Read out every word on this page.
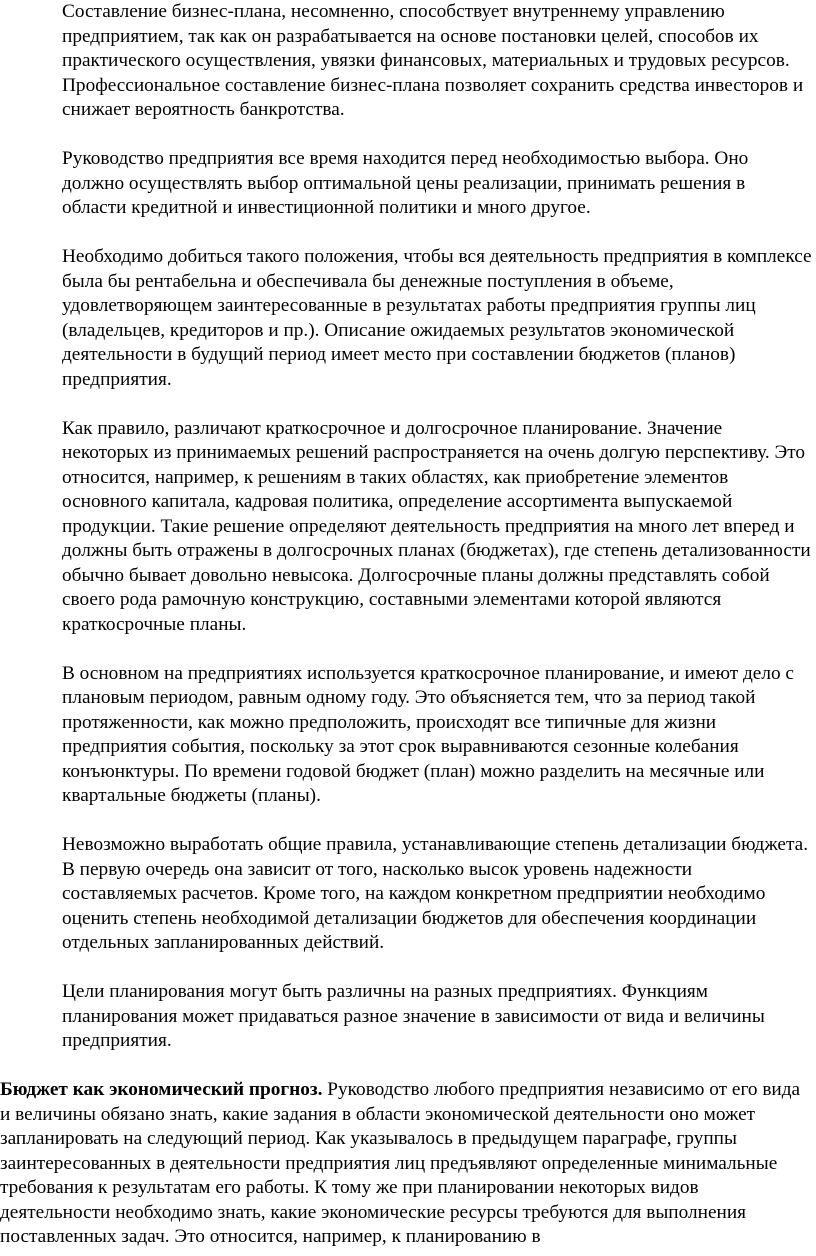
Составление бизнес-плана, несомненно, способствует внутреннему управлению предприятием, так как он разрабатывается на основе постановки целей, способов их практического осуществления, увязки финансовых, материальных и трудовых ресурсов. Профессиональное составление бизнес-плана позволяет сохранить средства инвесторов и снижает вероятность банкротства.

Руководство предприятия все время находится перед необходимостью выбора. Оно должно осуществлять выбор оптимальной цены реализации, принимать решения в области кредитной и инвестиционной политики и много другое.

Необходимо добиться такого положения, чтобы вся деятельность предприятия в комплексе была бы рентабельна и обеспечивала бы денежные поступления в объеме, удовлетворяющем заинтересованные в результатах работы предприятия группы лиц (владельцев, кредиторов и пр.). Описание ожидаемых результатов экономической деятельности в будущий период имеет место при составлении бюджетов (планов) предприятия.

Как правило, различают краткосрочное и долгосрочное планирование. Значение некоторых из принимаемых решений распространяется на очень долгую перспективу. Это относится, например, к решениям в таких областях, как приобретение элементов основного капитала, кадровая политика, определение ассортимента выпускаемой продукции. Такие решение определяют деятельность предприятия на много лет вперед и должны быть отражены в долгосрочных планах (бюджетах), где степень детализованности обычно бывает довольно невысока. Долгосрочные планы должны представлять собой своего рода рамочную конструкцию, составными элементами которой являются краткосрочные планы.

В основном на предприятиях используется краткосрочное планирование, и имеют дело с плановым периодом, равным одному году. Это объясняется тем, что за период такой протяженности, как можно предположить, происходят все типичные для жизни предприятия события, поскольку за этот срок выравниваются сезонные колебания конъюнктуры. По времени годовой бюджет (план) можно разделить на месячные или квартальные бюджеты (планы).

Невозможно выработать общие правила, устанавливающие степень детализации бюджета. В первую очередь она зависит от того, насколько высок уровень надежности составляемых расчетов. Кроме того, на каждом конкретном предприятии необходимо оценить степень необходимой детализации бюджетов для обеспечения координации отдельных запланированных действий.

Цели планирования могут быть различны на разных предприятиях. Функциям планирования может придаваться разное значение в зависимости от вида и величины предприятия.

Бюджет как экономический прогноз. Руководство любого предприятия независимо от его вида и величины обязано знать, какие задания в области экономической деятельности оно может запланировать на следующий период. Как указывалось в предыдущем параграфе, группы заинтересованных в деятельности предприятия лиц предъявляют определенные минимальные требования к результатам его работы. К тому же при планировании некоторых видов деятельности необходимо знать, какие экономические ресурсы требуются для выполнения поставленных задач. Это относится, например, к планированию в
